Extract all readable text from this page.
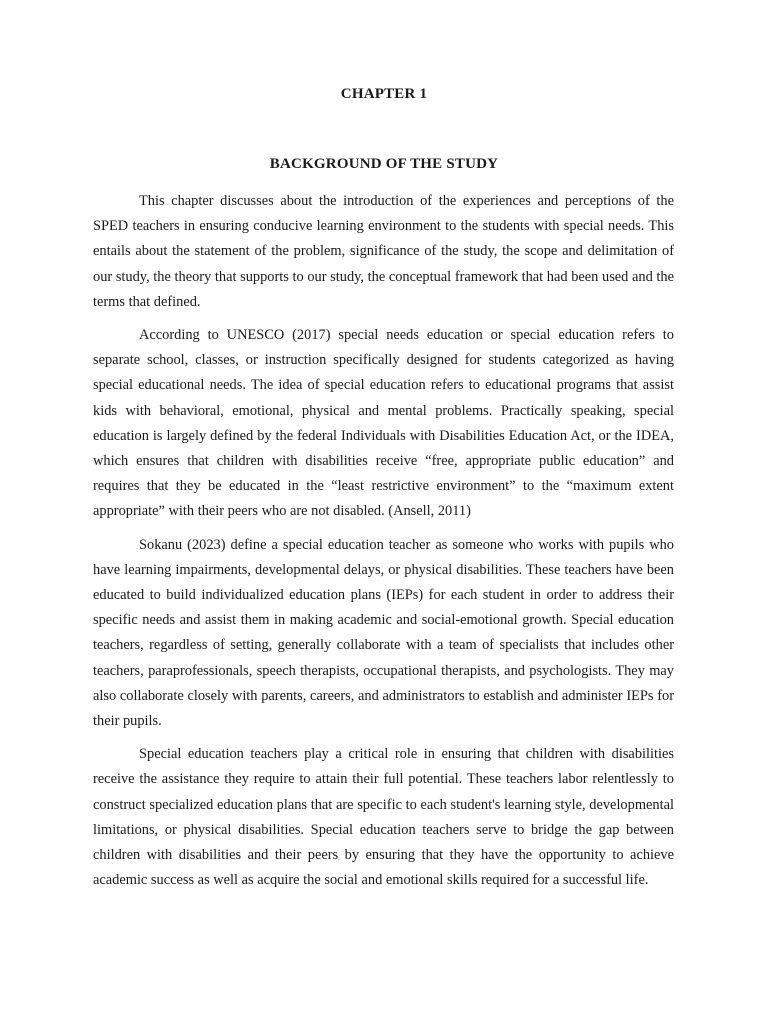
CHAPTER 1
BACKGROUND OF THE STUDY

This chapter discusses about the introduction of the experiences and perceptions of the SPED teachers in ensuring conducive learning environment to the students with special needs. This entails about the statement of the problem, significance of the study, the scope and delimitation of our study, the theory that supports to our study, the conceptual framework that had been used and the terms that defined.

According to UNESCO (2017) special needs education or special education refers to separate school, classes, or instruction specifically designed for students categorized as having special educational needs. The idea of special education refers to educational programs that assist kids with behavioral, emotional, physical and mental problems. Practically speaking, special education is largely defined by the federal Individuals with Disabilities Education Act, or the IDEA, which ensures that children with disabilities receive “free, appropriate public education” and requires that they be educated in the “least restrictive environment” to the “maximum extent appropriate” with their peers who are not disabled. (Ansell, 2011)

Sokanu (2023) define a special education teacher as someone who works with pupils who have learning impairments, developmental delays, or physical disabilities. These teachers have been educated to build individualized education plans (IEPs) for each student in order to address their specific needs and assist them in making academic and social-emotional growth. Special education teachers, regardless of setting, generally collaborate with a team of specialists that includes other teachers, paraprofessionals, speech therapists, occupational therapists, and psychologists. They may also collaborate closely with parents, careers, and administrators to establish and administer IEPs for their pupils.

Special education teachers play a critical role in ensuring that children with disabilities receive the assistance they require to attain their full potential. These teachers labor relentlessly to construct specialized education plans that are specific to each student's learning style, developmental limitations, or physical disabilities. Special education teachers serve to bridge the gap between children with disabilities and their peers by ensuring that they have the opportunity to achieve academic success as well as acquire the social and emotional skills required for a successful life.
